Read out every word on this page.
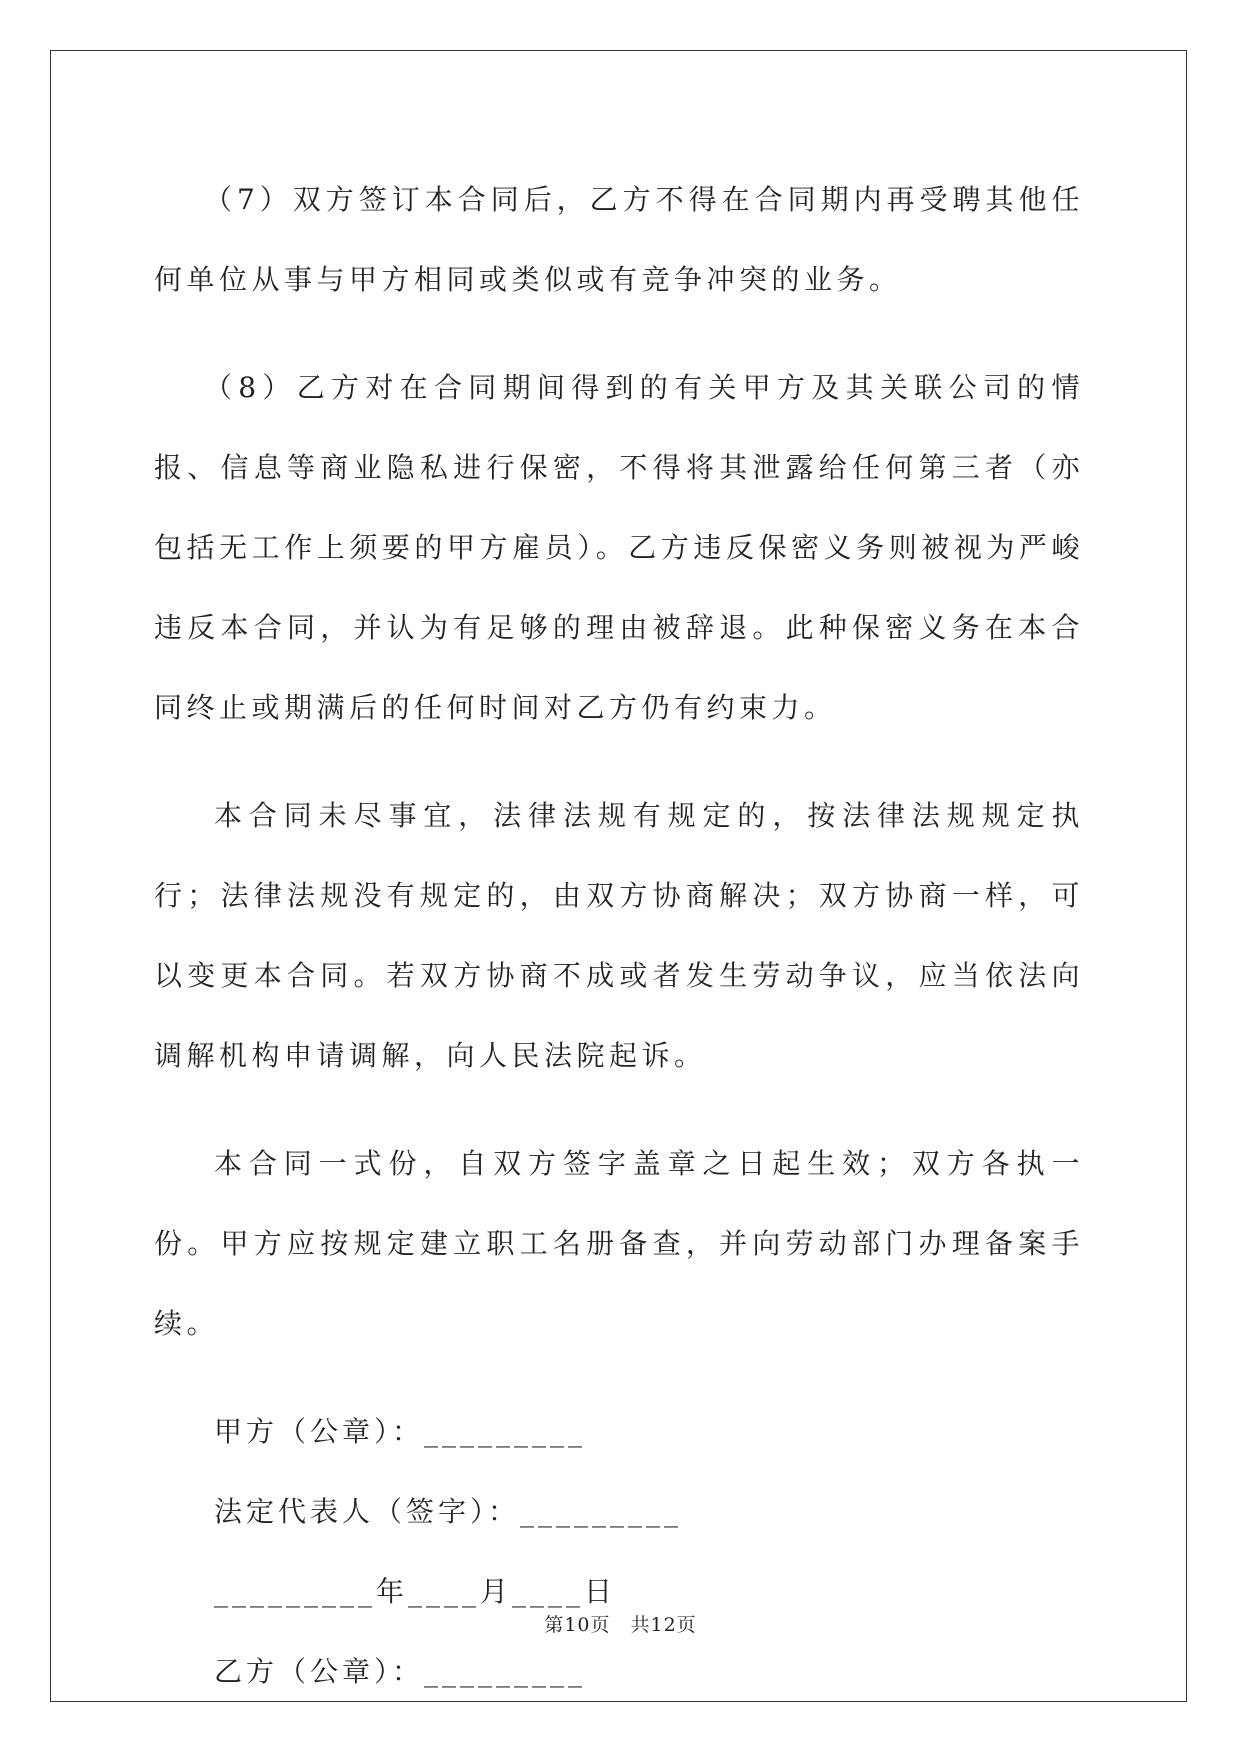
（7）双方签订本合同后，乙方不得在合同期内再受聘其他任何单位从事与甲方相同或类似或有竞争冲突的业务。

（8）乙方对在合同期间得到的有关甲方及其关联公司的情报、信息等商业隐私进行保密，不得将其泄露给任何第三者（亦包括无工作上须要的甲方雇员）。乙方违反保密义务则被视为严峻违反本合同，并认为有足够的理由被辞退。此种保密义务在本合同终止或期满后的任何时间对乙方仍有约束力。

本合同未尽事宜，法律法规有规定的，按法律法规规定执行；法律法规没有规定的，由双方协商解决；双方协商一样，可以变更本合同。若双方协商不成或者发生劳动争议，应当依法向调解机构申请调解，向人民法院起诉。

本合同一式份，自双方签字盖章之日起生效；双方各执一份。甲方应按规定建立职工名册备查，并向劳动部门办理备案手续。

甲方（公章）：_________

法定代表人（签字）：_________

_________年____月____日

乙方（公章）：_________

第10页　共12页
